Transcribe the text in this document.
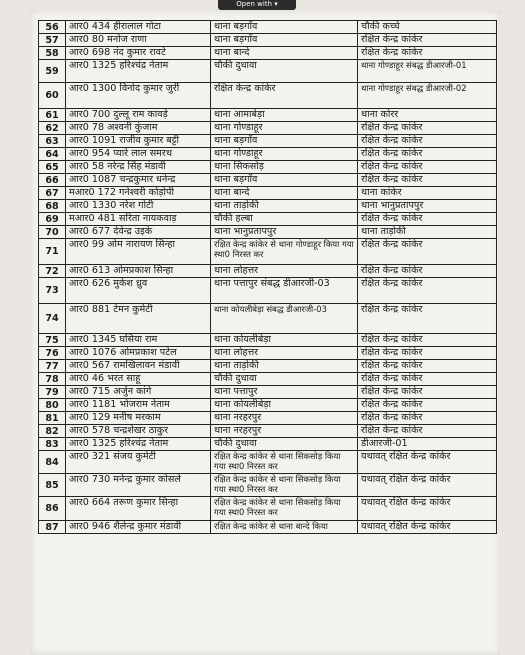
Open with ▾
56	आर0 434 हीरालाल गोटा	थाना बड़गाँव	चौकी कच्चे
57	आर0 80 मनोज राणा	थाना बड़गाँव	रक्षित केन्द्र कांकेर
58	आर0 698 नंद कुमार रावटे	थाना बान्दे	रक्षित केन्द्र कांकेर
59	आर0 1325 हरिश्चंद्र नेताम	चौकी दुधावा	थाना गोण्डाहूर संबद्ध डीआरजी-01
60	आर0 1300 विनोद कुमार जुर्री	रक्षित केन्द्र कांकेर	थाना गोण्डाहूर संबद्ध डीआरजी-02
61	आर0 700 दुल्लू राम कावड़े	थाना आमाबेड़ा	थाना कोरर
62	आर0 78 अश्वनी कुंजाम	थाना गोण्डाहूर	रक्षित केन्द्र कांकेर
63	आर0 1091 राजीव कुमार बट्टी	थाना बड़गाँव	रक्षित केन्द्र कांकेर
64	आर0 954 प्यारे लाल समरथ	थाना गोण्डाहूर	रक्षित केन्द्र कांकेर
65	आर0 58 नरेन्द्र सिंह मंडावी	थाना सिकसोड़	रक्षित केन्द्र कांकेर
66	आर0 1087 चन्द्रकुमार धनेन्द्र	थाना बड़गाँव	रक्षित केन्द्र कांकेर
67	मआर0 172 गनेश्वरी कोड़ोपी	थाना बान्दे	थाना कांकेर
68	आर0 1330 नरेश गोटी	थाना ताड़ोकी	थाना भानुप्रतापपुर
69	मआर0 481 सरिता नायकवाड़	चौकी हल्बा	रक्षित केन्द्र कांकेर
70	आर0 677 देवेन्द्र उइके	थाना भानुप्रतापपुर	थाना ताड़ोकी
71	आर0 99 ओम नारायण सिन्हा	रक्षित केन्द्र कांकेर से थाना गोण्डाहूर किया गया स्था0 निरस्त कर	रक्षित केन्द्र कांकेर
72	आर0 613 ओमप्रकाश सिन्हा	थाना लोहत्तर	रक्षित केन्द्र कांकेर
73	आर0 626 मुकेश ध्रुव	थाना पत्तापुर संबद्ध डीआरजी-03	रक्षित केन्द्र कांकेर
74	आर0 881 टेमन कुमेटी	थाना कोयलीबेड़ा संबद्ध डीआरजी-03	रक्षित केन्द्र कांकेर
75	आर0 1345 घसिया राम	थाना कोयलीबेड़ा	रक्षित केन्द्र कांकेर
76	आर0 1076 ओमप्रकाश पटेल	थाना लोहत्तर	रक्षित केन्द्र कांकेर
77	आर0 567 रामखिलावन मंडावी	थाना ताड़ोकी	रक्षित केन्द्र कांकेर
78	आर0 46 भरत साहू	चौकी दुधावा	रक्षित केन्द्र कांकेर
79	आर0 715 अर्जुन कांगे	थाना पत्तापुर	रक्षित केन्द्र कांकेर
80	आर0 1181 भोजराम नेताम	थाना कोयलीबेड़ा	रक्षित केन्द्र कांकेर
81	आर0 129 मनीष मरकाम	थाना नरहरपुर	रक्षित केन्द्र कांकेर
82	आर0 578 चन्द्रशेखर ठाकुर	थाना नरहरपुर	रक्षित केन्द्र कांकेर
83	आर0 1325 हरिश्चंद्र नेताम	चौकी दुधावा	डीआरजी-01
84	आर0 321 संजय कुमेटी	रक्षित केन्द्र कांकेर से थाना सिकसोड़ किया गया स्था0 निरस्त कर	यथावत् रक्षित केन्द्र कांकेर
85	आर0 730 मनेन्द्र कुमार कोसले	रक्षित केन्द्र कांकेर से थाना सिकसोड़ किया गया स्था0 निरस्त कर	यथावत् रक्षित केन्द्र कांकेर
86	आर0 664 तरूण कुमार सिन्हा	रक्षित केन्द्र कांकेर से थाना सिकसोड़ किया गया स्था0 निरस्त कर	यथावत् रक्षित केन्द्र कांकेर
87	आर0 946 शैलेन्द्र कुमार मंडावी	रक्षित केन्द्र कांकेर से थाना बान्दे किया	यथावत् रक्षित केन्द्र कांकेर
